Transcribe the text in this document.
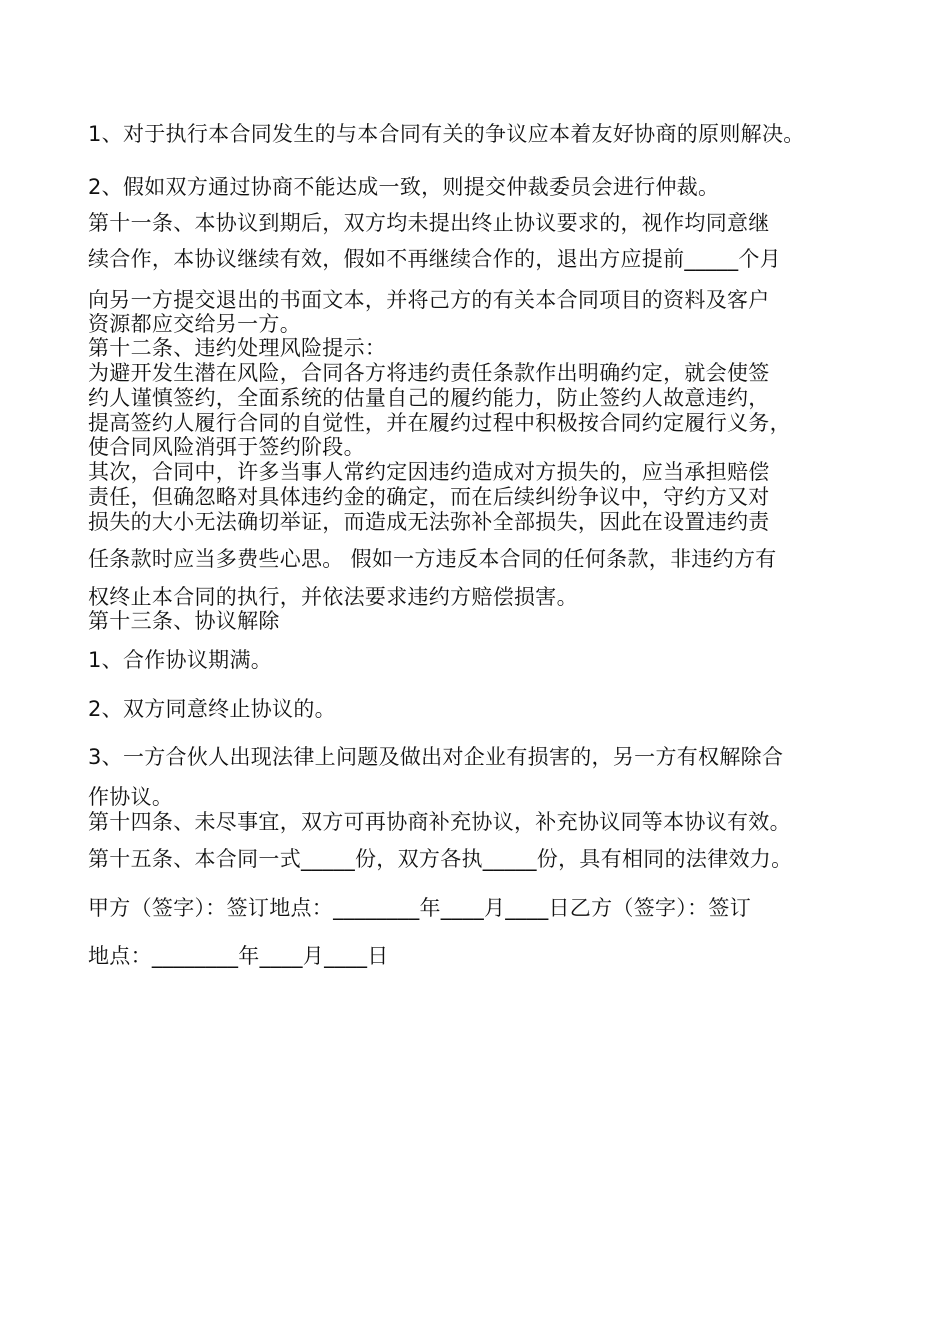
1、对于执行本合同发生的与本合同有关的争议应本着友好协商的原则解决。
2、假如双方通过协商不能达成一致，则提交仲裁委员会进行仲裁。
第十一条、本协议到期后，双方均未提出终止协议要求的，视作均同意继
续合作，本协议继续有效，假如不再继续合作的，退出方应提前_____个月
向另一方提交退出的书面文本，并将己方的有关本合同项目的资料及客户
资源都应交给另一方。
第十二条、违约处理风险提示：
为避开发生潜在风险，合同各方将违约责任条款作出明确约定，就会使签
约人谨慎签约，全面系统的估量自己的履约能力，防止签约人故意违约，
提高签约人履行合同的自觉性，并在履约过程中积极按合同约定履行义务，
使合同风险消弭于签约阶段。
其次，合同中，许多当事人常约定因违约造成对方损失的，应当承担赔偿
责任，但确忽略对具体违约金的确定，而在后续纠纷争议中，守约方又对
损失的大小无法确切举证，而造成无法弥补全部损失，因此在设置违约责
任条款时应当多费些心思。 假如一方违反本合同的任何条款，非违约方有
权终止本合同的执行，并依法要求违约方赔偿损害。
第十三条、协议解除
1、合作协议期满。
2、双方同意终止协议的。
3、一方合伙人出现法律上问题及做出对企业有损害的，另一方有权解除合
作协议。
第十四条、未尽事宜，双方可再协商补充协议，补充协议同等本协议有效。
第十五条、本合同一式_____份，双方各执_____份，具有相同的法律效力。
甲方（签字）：签订地点：________年____月____日乙方（签字）：签订
地点：________年____月____日
